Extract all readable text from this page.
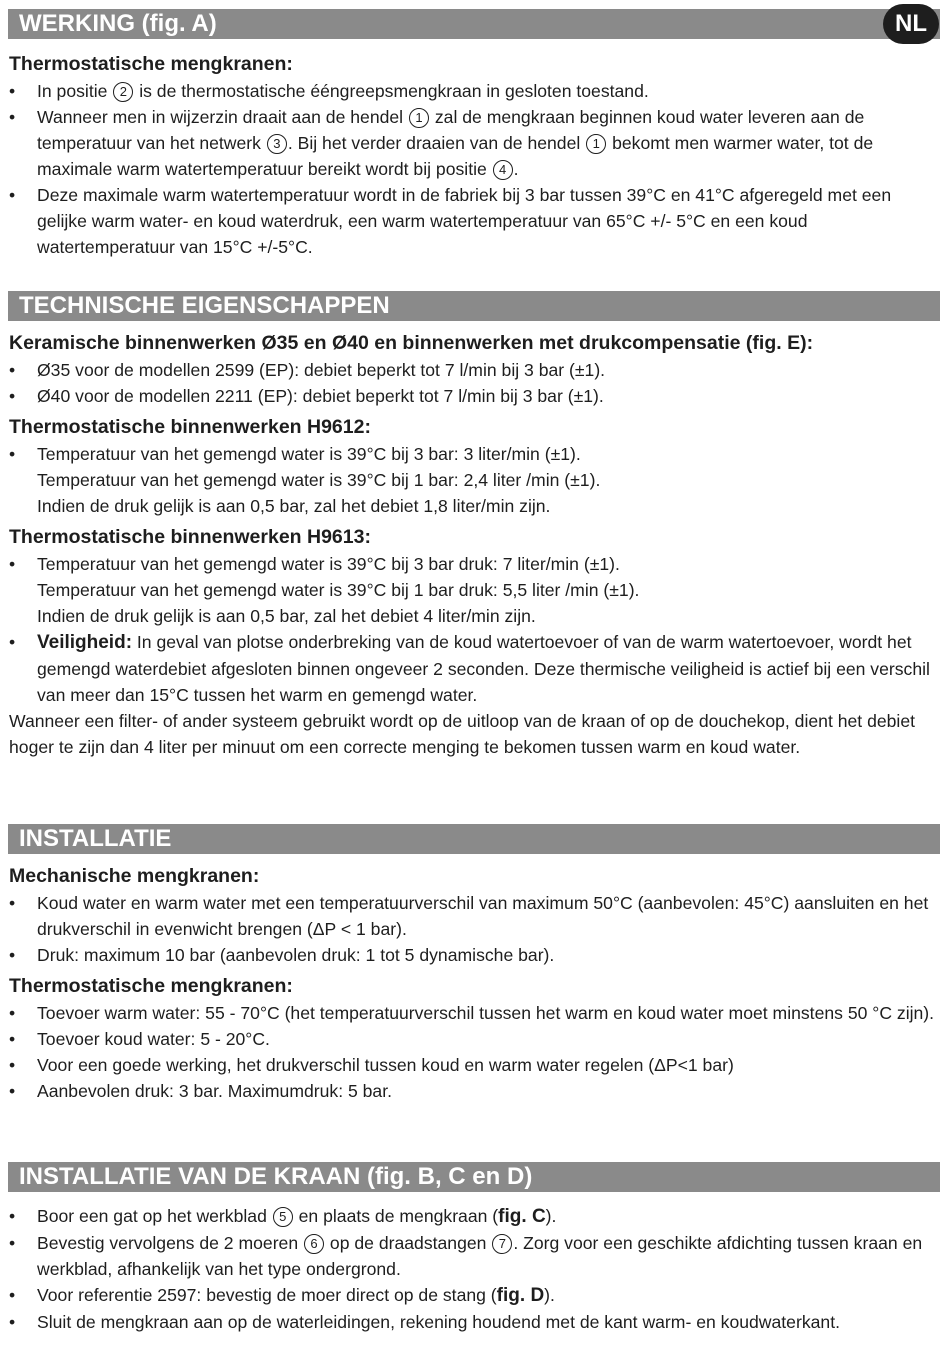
WERKING (fig. A)
Thermostatische mengkranen:
• In positie 2 is de thermostatische ééngreepsmengkraan in gesloten toestand.
• Wanneer men in wijzerzin draait aan de hendel 1 zal de mengkraan beginnen koud water leveren aan de temperatuur van het netwerk 3 . Bij het verder draaien van de hendel 1 bekomt men warmer water, tot de maximale warm watertemperatuur bereikt wordt bij positie 4 .
• Deze maximale warm watertemperatuur wordt in de fabriek bij 3 bar tussen 39°C en 41°C afgeregeld met een gelijke warm water- en koud waterdruk, een warm watertemperatuur van 65°C +/- 5°C en een koud watertemperatuur van 15°C +/-5°C.
NL
TECHNISCHE EIGENSCHAPPEN
Keramische binnenwerken Ø35 en Ø40 en binnenwerken met drukcompensatie (fig. E):
• Ø35 voor de modellen 2599 (EP): debiet beperkt tot 7 l/min bij 3 bar (±1).
• Ø40 voor de modellen 2211 (EP): debiet beperkt tot 7 l/min bij 3 bar (±1).
Thermostatische binnenwerken H9612:
• Temperatuur van het gemengd water is 39°C bij 3 bar: 3 liter/min (±1).
Temperatuur van het gemengd water is 39°C bij 1 bar: 2,4 liter /min (±1).
Indien de druk gelijk is aan 0,5 bar, zal het debiet 1,8 liter/min zijn.
Thermostatische binnenwerken H9613:
• Temperatuur van het gemengd water is 39°C bij 3 bar druk: 7 liter/min (±1).
Temperatuur van het gemengd water is 39°C bij 1 bar druk: 5,5 liter /min (±1).
Indien de druk gelijk is aan 0,5 bar, zal het debiet 4 liter/min zijn.
• Veiligheid: In geval van plotse onderbreking van de koud watertoevoer of van de warm watertoevoer, wordt het gemengd waterdebiet afgesloten binnen ongeveer 2 seconden. Deze thermische veiligheid is actief bij een verschil van meer dan 15°C tussen het warm en gemengd water.
Wanneer een filter- of ander systeem gebruikt wordt op de uitloop van de kraan of op de douchekop, dient het debiet hoger te zijn dan 4 liter per minuut om een correcte menging te bekomen tussen warm en koud water.
INSTALLATIE
Mechanische mengkranen:
• Koud water en warm water met een temperatuurverschil van maximum 50°C (aanbevolen: 45°C) aansluiten en het drukverschil in evenwicht brengen (ΔP < 1 bar).
• Druk: maximum 10 bar (aanbevolen druk: 1 tot 5 dynamische bar).
Thermostatische mengkranen:
• Toevoer warm water: 55 - 70°C (het temperatuurverschil tussen het warm en koud water moet minstens 50 °C zijn).
• Toevoer koud water: 5 - 20°C.
• Voor een goede werking, het drukverschil tussen koud en warm water regelen (ΔP<1 bar)
• Aanbevolen druk: 3 bar. Maximumdruk: 5 bar.
INSTALLATIE VAN DE KRAAN (fig. B, C en D)
• Boor een gat op het werkblad 5 en plaats de mengkraan (fig. C).
• Bevestig vervolgens de 2 moeren 6 op de draadstangen 7 . Zorg voor een geschikte afdichting tussen kraan en werkblad, afhankelijk van het type ondergrond.
• Voor referentie 2597: bevestig de moer direct op de stang (fig. D).
• Sluit de mengkraan aan op de waterleidingen, rekening houdend met de kant warm- en koudwaterkant.
